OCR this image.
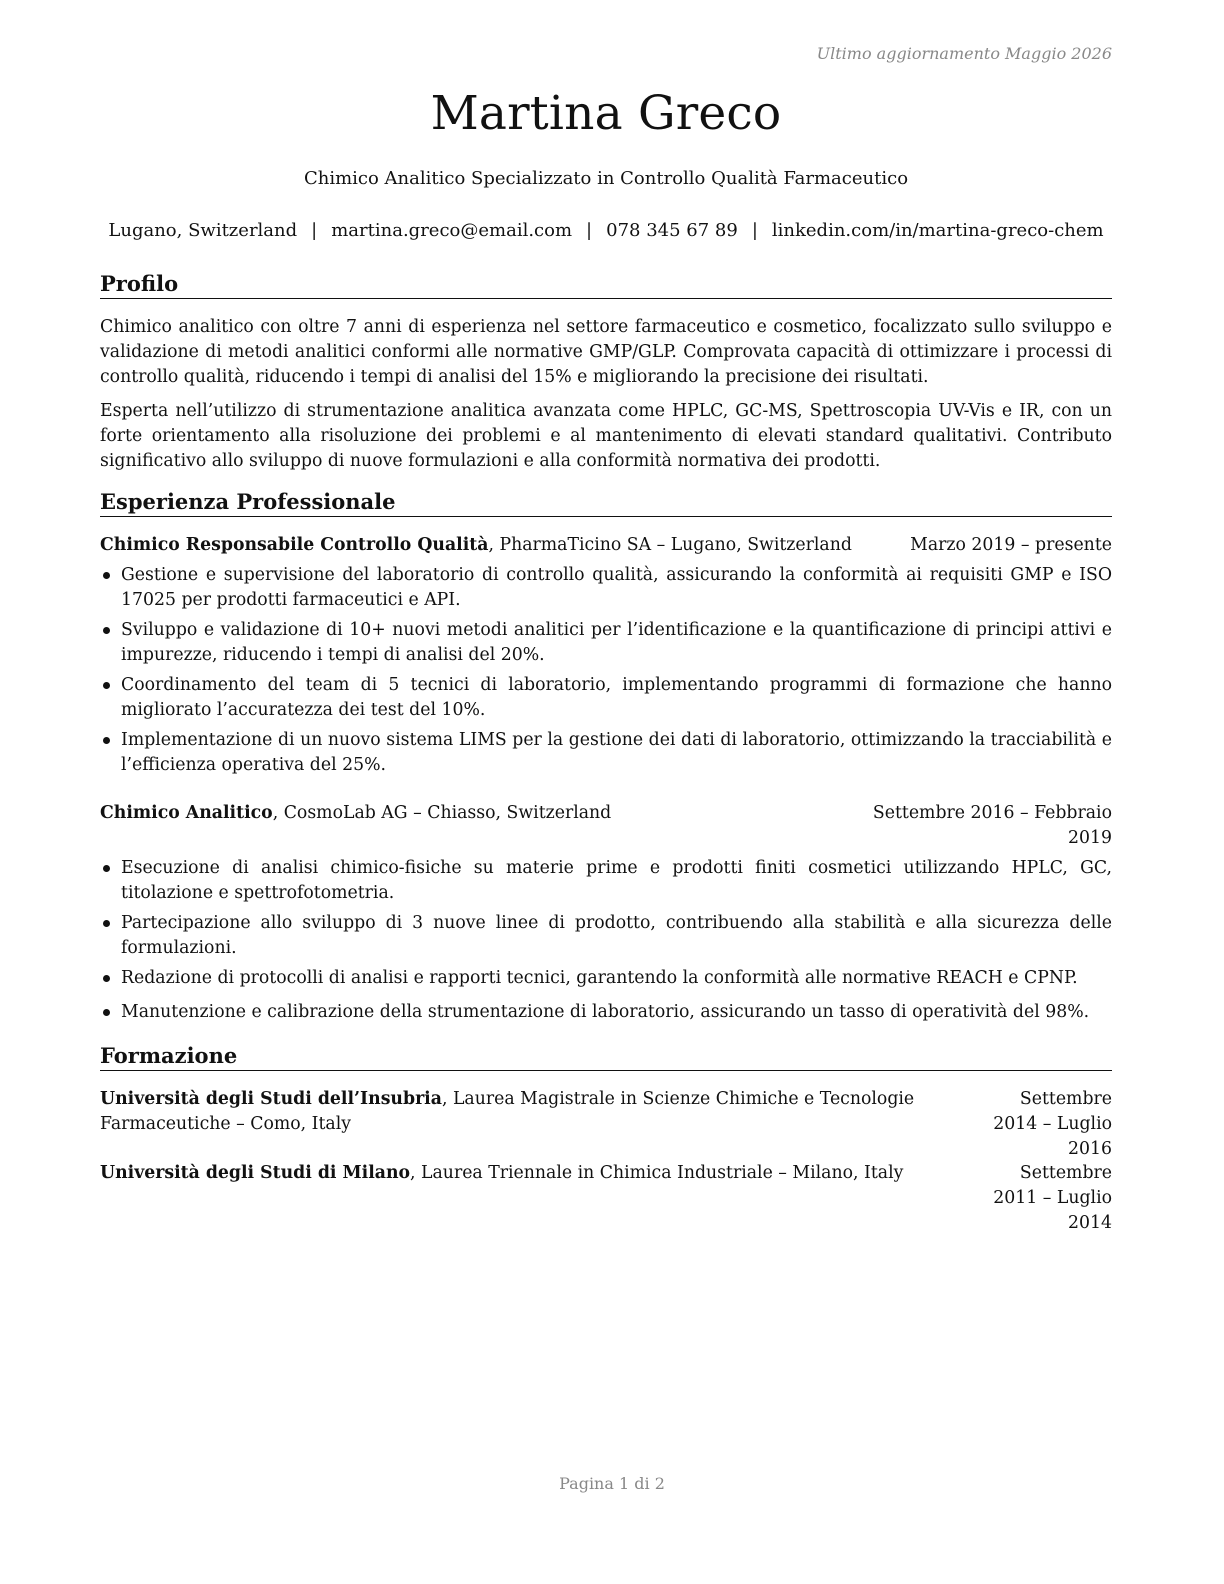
Ultimo aggiornamento Maggio 2026
Martina Greco
Chimico Analitico Specializzato in Controllo Qualità Farmaceutico
Lugano, Switzerland | martina.greco@email.com | 078 345 67 89 | linkedin.com/in/martina-greco-chem
Profilo
Chimico analitico con oltre 7 anni di esperienza nel settore farmaceutico e cosmetico, focalizzato sullo sviluppo e validazione di metodi analitici conformi alle normative GMP/GLP. Comprovata capacità di ottimizzare i processi di controllo qualità, riducendo i tempi di analisi del 15% e migliorando la precisione dei risultati.
Esperta nell’utilizzo di strumentazione analitica avanzata come HPLC, GC-MS, Spettroscopia UV-Vis e IR, con un forte orientamento alla risoluzione dei problemi e al mantenimento di elevati standard qualitativi. Contributo significativo allo sviluppo di nuove formulazioni e alla conformità normativa dei prodotti.
Esperienza Professionale
Chimico Responsabile Controllo Qualità, PharmaTicino SA – Lugano, Switzerland	Marzo 2019 – presente
Gestione e supervisione del laboratorio di controllo qualità, assicurando la conformità ai requisiti GMP e ISO 17025 per prodotti farmaceutici e API.
Sviluppo e validazione di 10+ nuovi metodi analitici per l’identificazione e la quantificazione di principi attivi e impurezze, riducendo i tempi di analisi del 20%.
Coordinamento del team di 5 tecnici di laboratorio, implementando programmi di formazione che hanno migliorato l’accuratezza dei test del 10%.
Implementazione di un nuovo sistema LIMS per la gestione dei dati di laboratorio, ottimizzando la tracciabilità e l’efficienza operativa del 25%.
Chimico Analitico, CosmoLab AG – Chiasso, Switzerland	Settembre 2016 – Febbraio
2019
Esecuzione di analisi chimico-fisiche su materie prime e prodotti finiti cosmetici utilizzando HPLC, GC, titolazione e spettrofotometria.
Partecipazione allo sviluppo di 3 nuove linee di prodotto, contribuendo alla stabilità e alla sicurezza delle formulazioni.
Redazione di protocolli di analisi e rapporti tecnici, garantendo la conformità alle normative REACH e CPNP.
Manutenzione e calibrazione della strumentazione di laboratorio, assicurando un tasso di operatività del 98%.
Formazione
Università degli Studi dell’Insubria, Laurea Magistrale in Scienze Chimiche e Tecnologie
Farmaceutiche – Como, Italy
Settembre 2014 – Luglio
2016
Università degli Studi di Milano, Laurea Triennale in Chimica Industriale – Milano, Italy	Settembre 2011 – Luglio
2014
Pagina 1 di 2
